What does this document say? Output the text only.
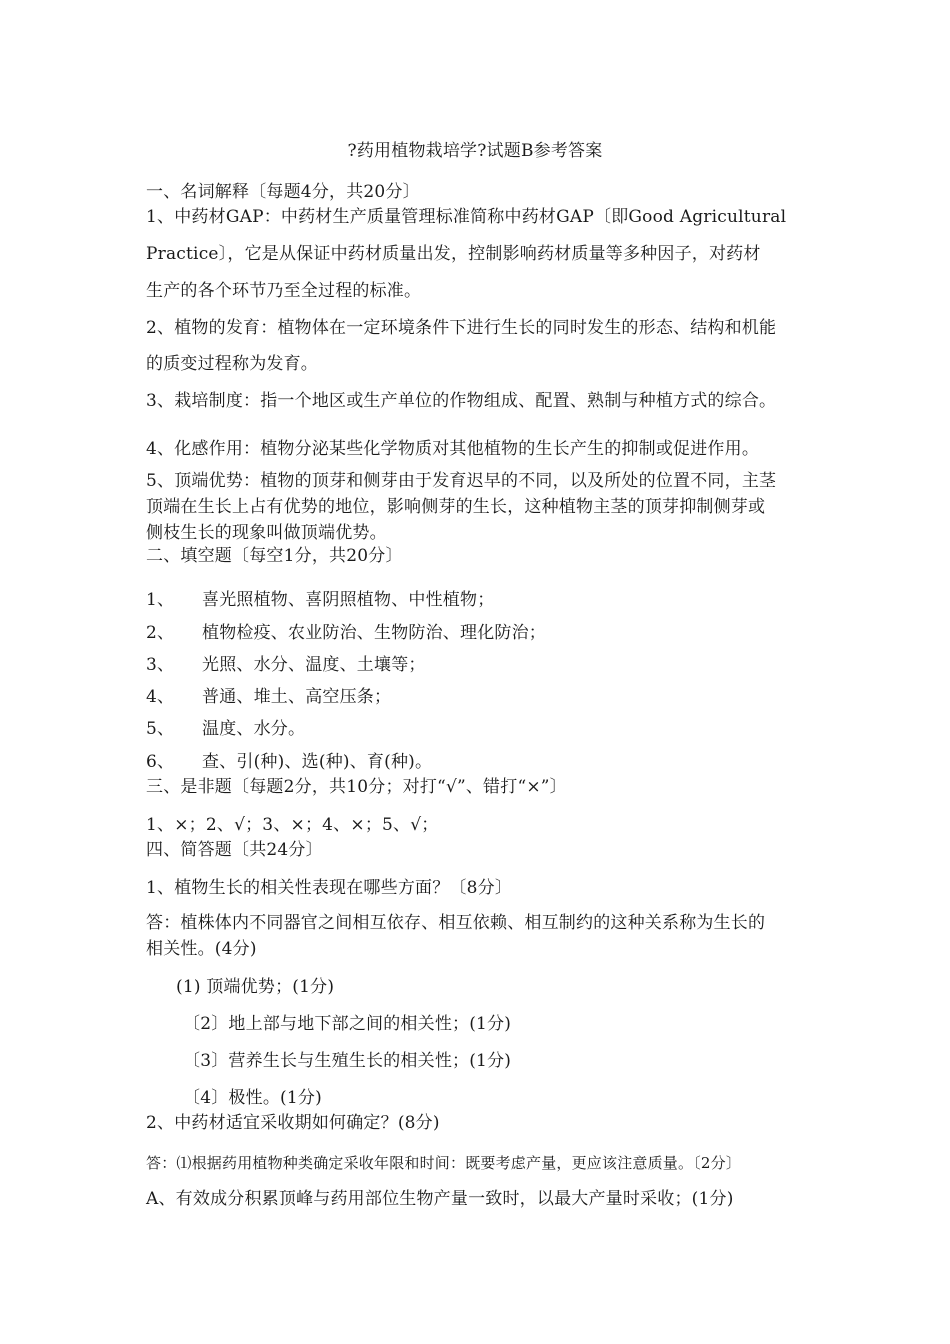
?药用植物栽培学?试题B参考答案
一、名词解释〔每题4分，共20分〕
1、中药材GAP：中药材生产质量管理标准简称中药材GAP〔即Good Agricultural
Practice〕，它是从保证中药材质量出发，控制影响药材质量等多种因子，对药材
生产的各个环节乃至全过程的标准。
2、植物的发育：植物体在一定环境条件下进行生长的同时发生的形态、结构和机能
的质变过程称为发育。
3、栽培制度：指一个地区或生产单位的作物组成、配置、熟制与种植方式的综合。
4、化感作用：植物分泌某些化学物质对其他植物的生长产生的抑制或促进作用。
5、顶端优势：植物的顶芽和侧芽由于发育迟早的不同，以及所处的位置不同，主茎
顶端在生长上占有优势的地位，影响侧芽的生长，这种植物主茎的顶芽抑制侧芽或
侧枝生长的现象叫做顶端优势。
二、填空题〔每空1分，共20分〕
1、 喜光照植物、喜阴照植物、中性植物；
2、 植物检疫、农业防治、生物防治、理化防治；
3、 光照、水分、温度、土壤等；
4、 普通、堆土、高空压条；
5、 温度、水分。
6、 查、引(种)、选(种)、育(种)。
三、是非题〔每题2分，共10分；对打“√”、错打“×”〕
1、×；2、√；3、×；4、×；5、√；
四、简答题〔共24分〕
1、植物生长的相关性表现在哪些方面？〔8分〕
答：植株体内不同器官之间相互依存、相互依赖、相互制约的这种关系称为生长的
相关性。(4分)
(1) 顶端优势；(1分)
〔2〕地上部与地下部之间的相关性；(1分)
〔3〕营养生长与生殖生长的相关性；(1分)
〔4〕极性。(1分)
2、中药材适宜采收期如何确定？(8分)
答：⑴根据药用植物种类确定采收年限和时间：既要考虑产量，更应该注意质量。〔2分〕
A、有效成分积累顶峰与药用部位生物产量一致时，以最大产量时采收；(1分)
